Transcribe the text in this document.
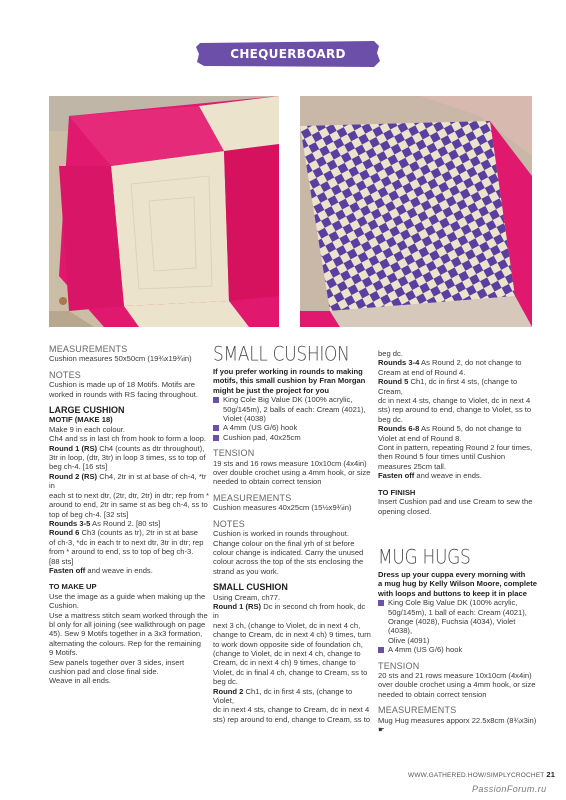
CHEQUERBOARD COLLECTION

MEASUREMENTS

Cushion measures 50x50cm (19¾x19¾in)

NOTES

Cushion is made up of 18 Motifs. Motifs are

worked in rounds with RS facing throughout.

LARGE CUSHION

MOTIF (MAKE 18)

Make 9 in each colour.

Ch4 and ss in last ch from hook to form a loop.

Round 1 (RS) Ch4 (counts as dtr throughout),

3tr in loop, (dtr, 3tr) in loop 3 times, ss to top of

beg ch-4. [16 sts]

Round 2 (RS) Ch4, 2tr in st at base of ch-4, *tr in

each st to next dtr, (2tr, dtr, 2tr) in dtr; rep from *

around to end, 2tr in same st as beg ch-4, ss to

top of beg ch-4. [32 sts]

Rounds 3-5 As Round 2. [80 sts]

Round 6 Ch3 (counts as tr), 2tr in st at base

of ch-3, *dc in each tr to next dtr, 3tr in dtr; rep

from * around to end, ss to top of beg ch-3.

[88 sts]

Fasten off and weave in ends.

TO MAKE UP

Use the image as a guide when making up the

Cushion.

Use a mattress stitch seam worked through the

bl only for all joining (see walkthrough on page

45). Sew 9 Motifs together in a 3x3 formation,

alternating the colours. Rep for the remaining

9 Motifs.

Sew panels together over 3 sides, insert

cushion pad and close final side.

Weave in all ends.

SMALL CUSHION

If you prefer working in rounds to making

motifs, this small cushion by Fran Morgan

might be just the project for you

King Cole Big Value DK (100% acrylic,

50g/145m), 2 balls of each: Cream (4021),

Violet (4038)

A 4mm (US G/6) hook

Cushion pad, 40x25cm

TENSION

19 sts and 16 rows measure 10x10cm (4x4in)

over double crochet using a 4mm hook, or size

needed to obtain correct tension

MEASUREMENTS

Cushion measures 40x25cm (15½x9¾in)

NOTES

Cushion is worked in rounds throughout.

Change colour on the final yrh of st before

colour change is indicated. Carry the unused

colour across the top of the sts enclosing the

strand as you work.

SMALL CUSHION

Using Cream, ch77.

Round 1 (RS) Dc in second ch from hook, dc in

next 3 ch, (change to Violet, dc in next 4 ch,

change to Cream, dc in next 4 ch) 9 times, turn

to work down opposite side of foundation ch,

(change to Violet, dc in next 4 ch, change to

Cream, dc in next 4 ch) 9 times, change to

Violet, dc in final 4 ch, change to Cream, ss to

beg dc.

Round 2 Ch1, dc in first 4 sts, (change to Violet,

dc in next 4 sts, change to Cream, dc in next 4

sts) rep around to end, change to Cream, ss to

beg dc.

Rounds 3-4 As Round 2, do not change to

Cream at end of Round 4.

Round 5 Ch1, dc in first 4 sts, (change to Cream,

dc in next 4 sts, change to Violet, dc in next 4

sts) rep around to end, change to Violet, ss to

beg dc.

Rounds 6-8 As Round 5, do not change to

Violet at end of Round 8.

Cont in pattern, repeating Round 2 four times,

then Round 5 four times until Cushion

measures 25cm tall.

Fasten off and weave in ends.

TO FINISH

Insert Cushion pad and use Cream to sew the

opening closed.

MUG HUGS

Dress up your cuppa every morning with

a mug hug by Kelly Wilson Moore, complete

with loops and buttons to keep it in place

King Cole Big Value DK (100% acrylic,

50g/145m), 1 ball of each: Cream (4021),

Orange (4028), Fuchsia (4034), Violet (4038),

Olive (4091)

A 4mm (US G/6) hook

TENSION

20 sts and 21 rows measure 10x10cm (4x4in)

over double crochet using a 4mm hook, or size

needed to obtain correct tension

MEASUREMENTS

Mug Hug measures apporx 22.5x8cm (8¾x3in) ☛

WWW.GATHERED.HOW/SIMPLYCROCHET 21
PassionForum.ru
